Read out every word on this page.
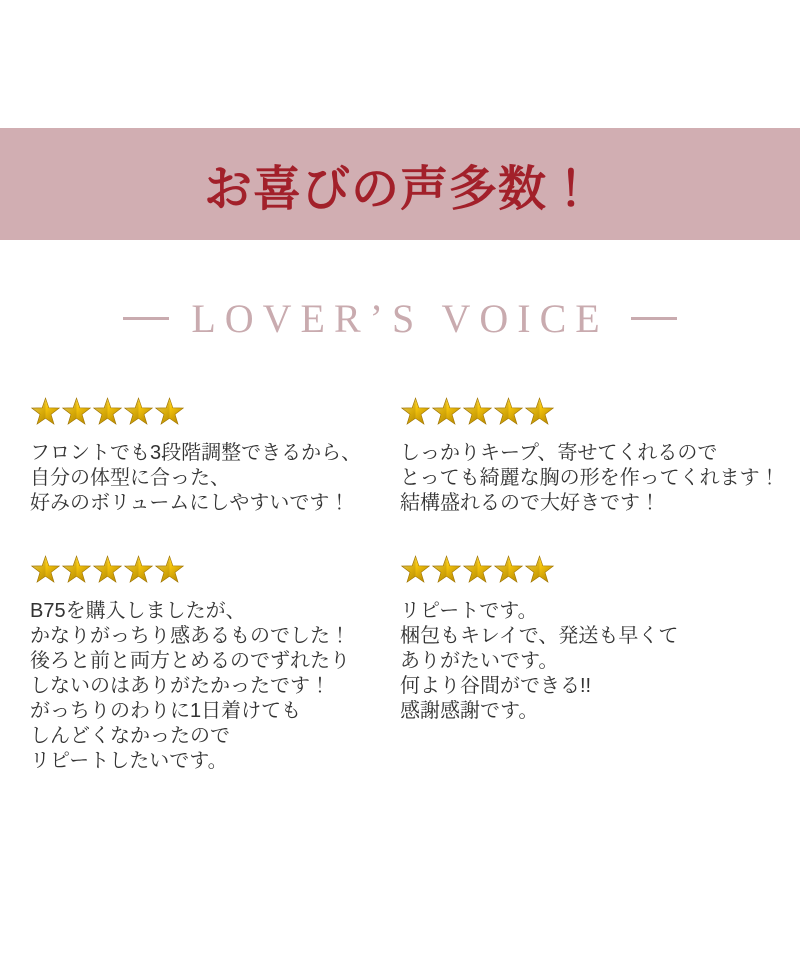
お喜びの声多数！
LOVER’S VOICE

フロントでも3段階調整できるから、

自分の体型に合った、

好みのボリュームにしやすいです！

しっかりキープ、寄せてくれるので

とっても綺麗な胸の形を作ってくれます！

結構盛れるので大好きです！

B75を購入しましたが、

かなりがっちり感あるものでした！

後ろと前と両方とめるのでずれたり

しないのはありがたかったです！

がっちりのわりに1日着けても

しんどくなかったので

リピートしたいです。

リピートです。

梱包もキレイで、発送も早くて

ありがたいです。

何より谷間ができる!!

感謝感謝です。
